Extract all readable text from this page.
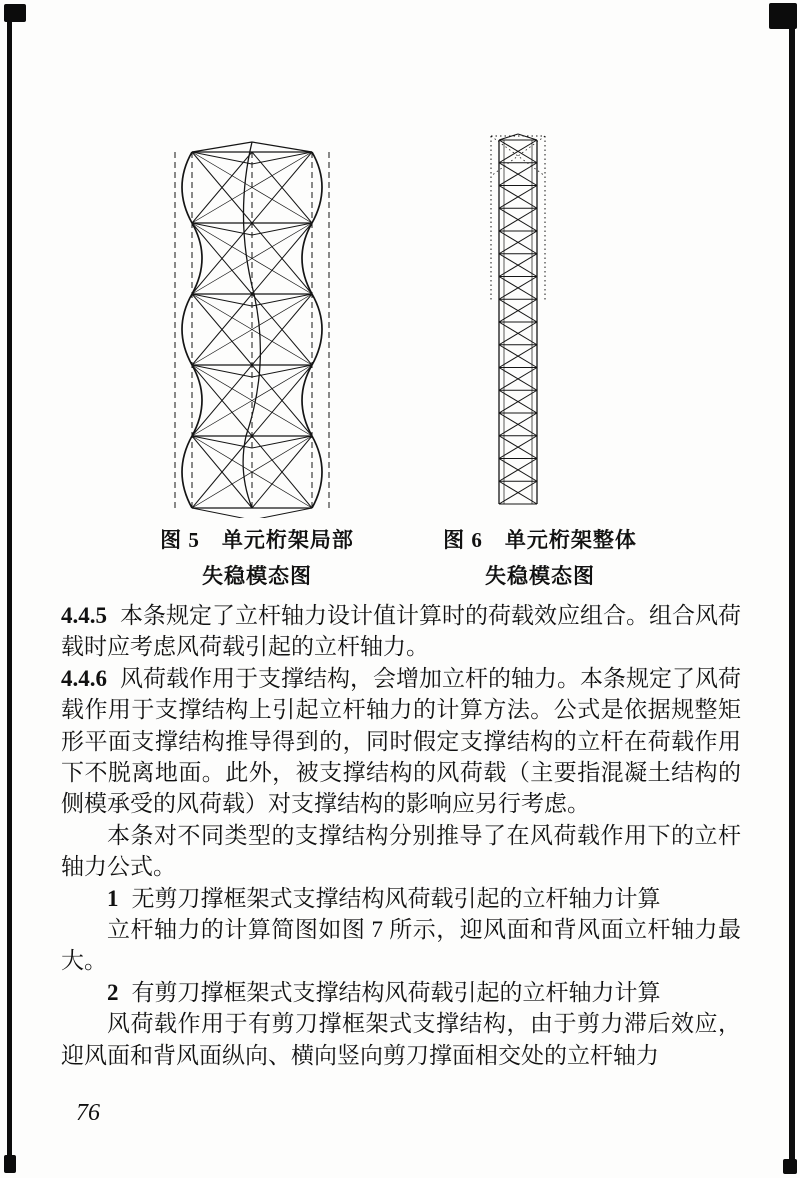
图 5　单元桁架局部
失稳模态图
图 6　单元桁架整体
失稳模态图

4.4.5 本条规定了立杆轴力设计值计算时的荷载效应组合。组合风荷载时应考虑风荷载引起的立杆轴力。

4.4.6 风荷载作用于支撑结构，会增加立杆的轴力。本条规定了风荷载作用于支撑结构上引起立杆轴力的计算方法。公式是依据规整矩形平面支撑结构推导得到的，同时假定支撑结构的立杆在荷载作用下不脱离地面。此外，被支撑结构的风荷载（主要指混凝土结构的侧模承受的风荷载）对支撑结构的影响应另行考虑。

本条对不同类型的支撑结构分别推导了在风荷载作用下的立杆轴力公式。

1 无剪刀撑框架式支撑结构风荷载引起的立杆轴力计算

立杆轴力的计算简图如图 7 所示，迎风面和背风面立杆轴力最大。

2 有剪刀撑框架式支撑结构风荷载引起的立杆轴力计算

风荷载作用于有剪刀撑框架式支撑结构，由于剪力滞后效应，迎风面和背风面纵向、横向竖向剪刀撑面相交处的立杆轴力

76
